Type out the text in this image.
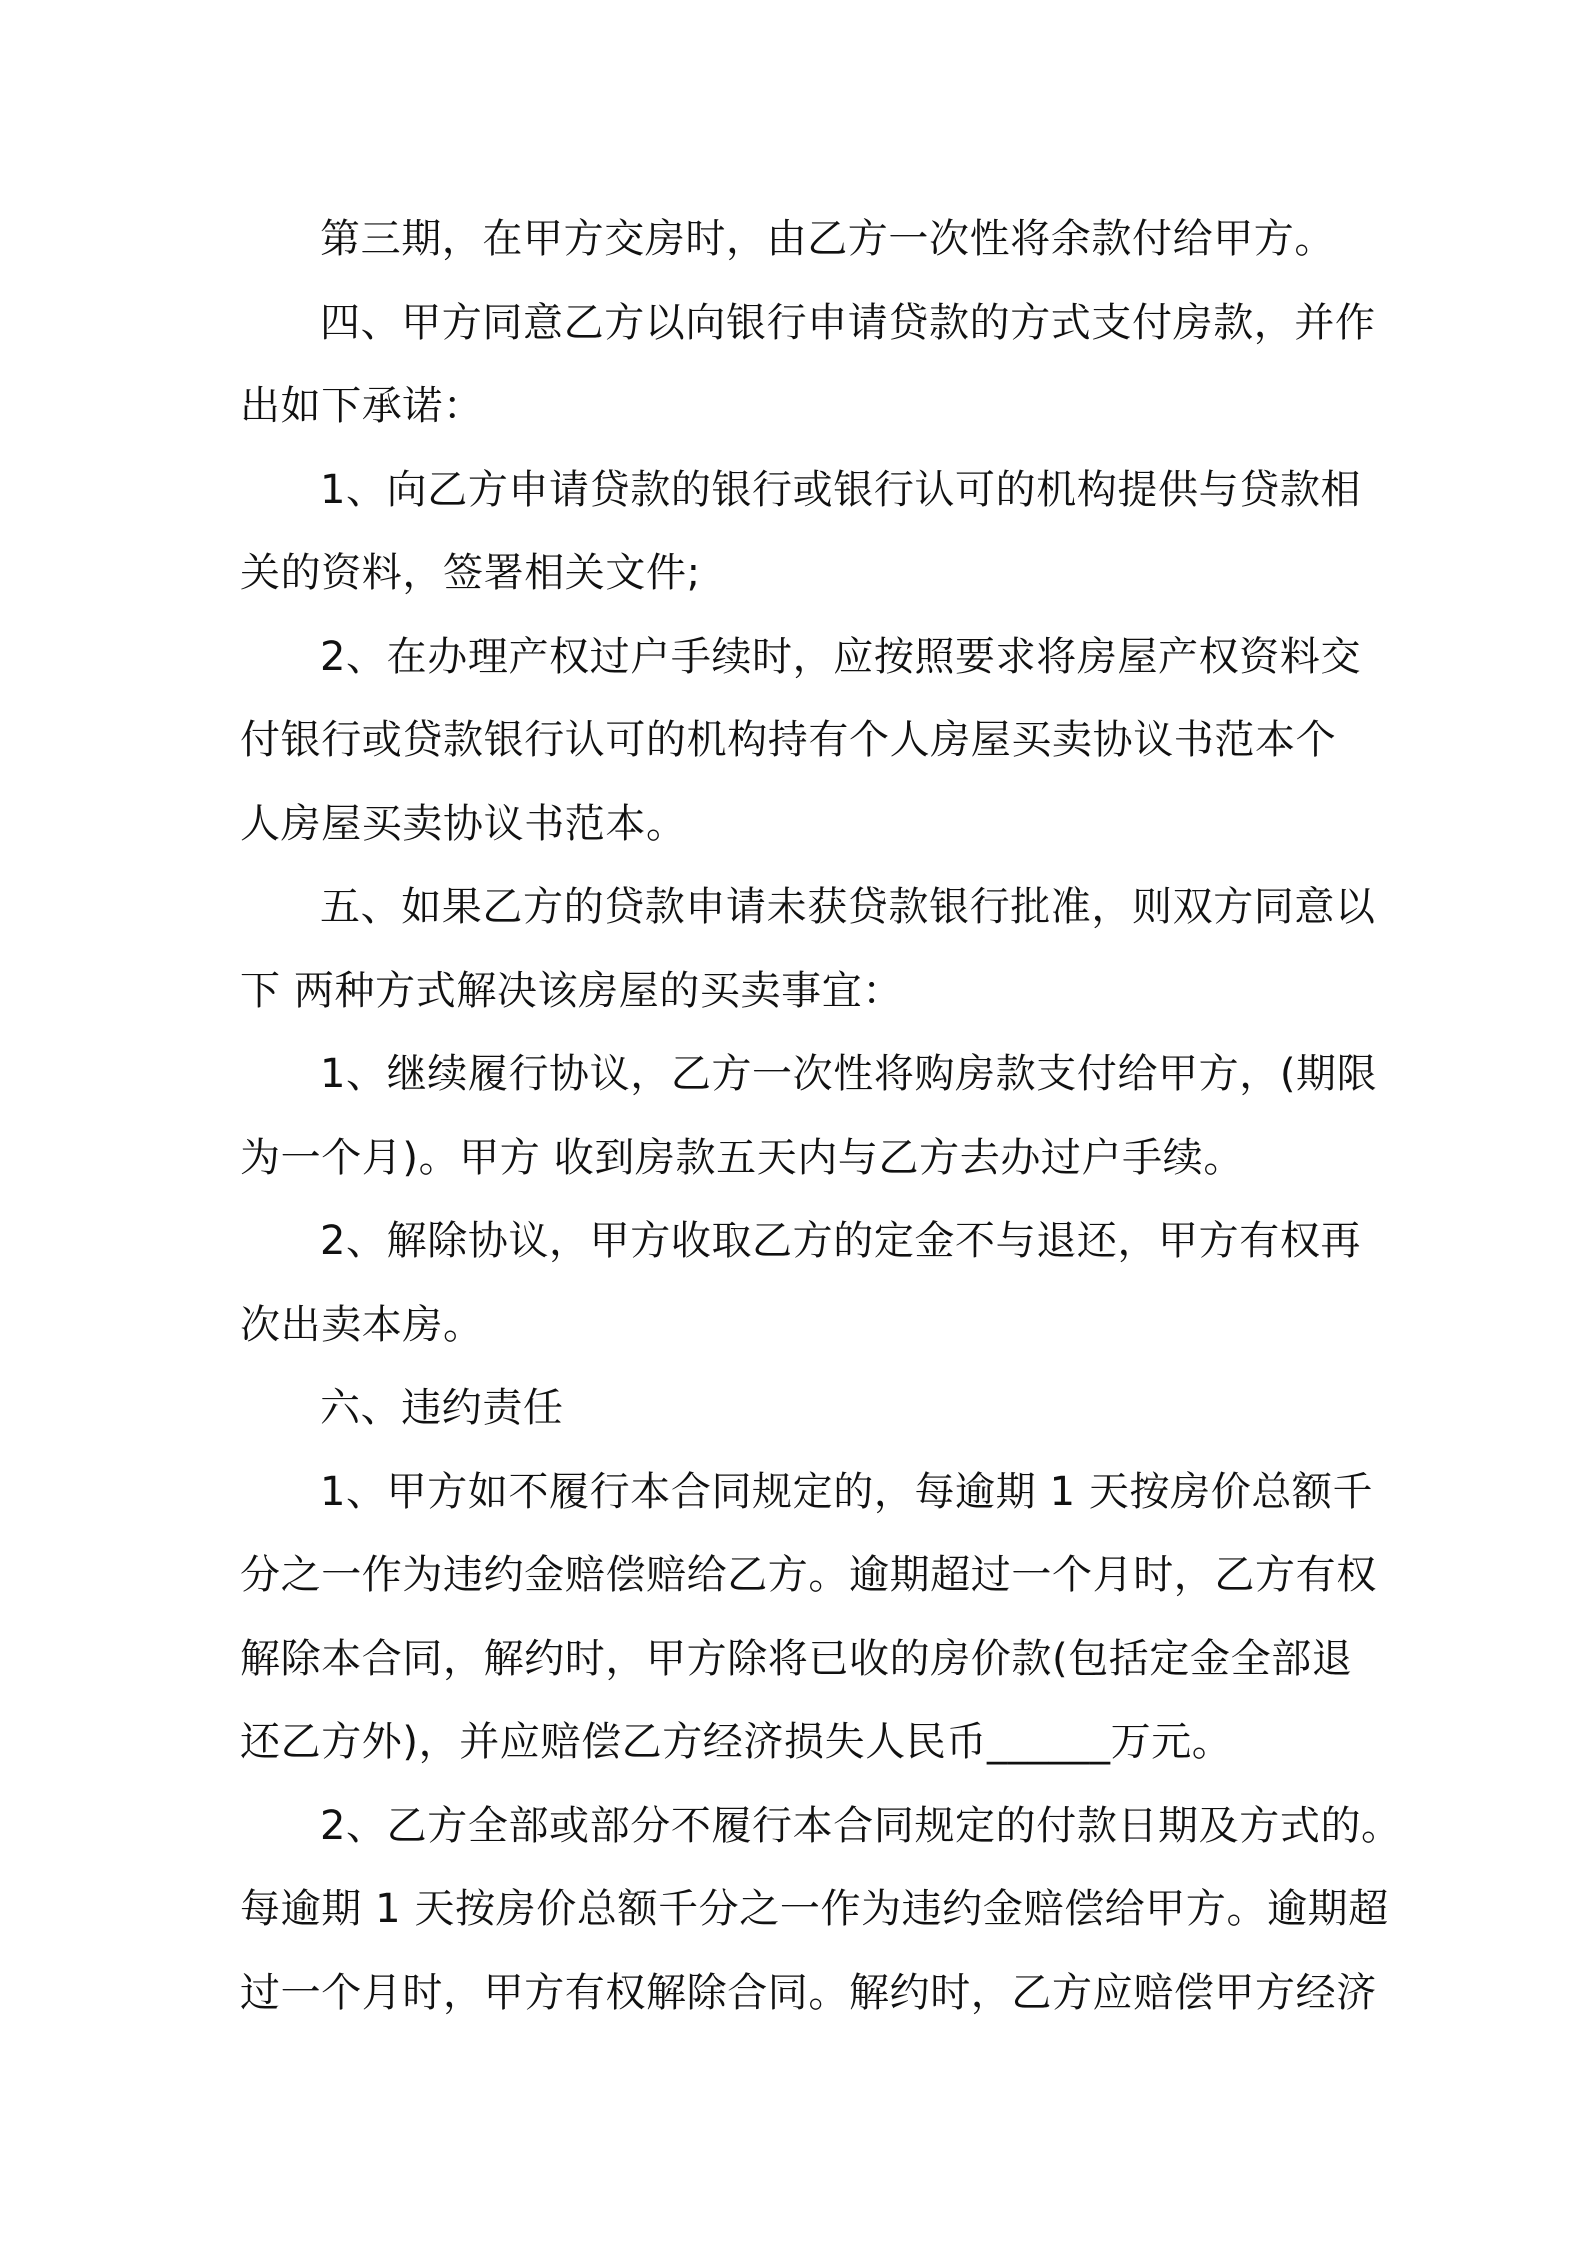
第三期，在甲方交房时，由乙方一次性将余款付给甲方。
四、甲方同意乙方以向银行申请贷款的方式支付房款，并作
出如下承诺：
1、向乙方申请贷款的银行或银行认可的机构提供与贷款相
关的资料，签署相关文件;
2、在办理产权过户手续时，应按照要求将房屋产权资料交
付银行或贷款银行认可的机构持有个人房屋买卖协议书范本个
人房屋买卖协议书范本。
五、如果乙方的贷款申请未获贷款银行批准，则双方同意以
下 两种方式解决该房屋的买卖事宜：
1、继续履行协议，乙方一次性将购房款支付给甲方，(期限
为一个月)。甲方 收到房款五天内与乙方去办过户手续。
2、解除协议，甲方收取乙方的定金不与退还，甲方有权再
次出卖本房。
六、违约责任
1、甲方如不履行本合同规定的，每逾期 1 天按房价总额千
分之一作为违约金赔偿赔给乙方。逾期超过一个月时，乙方有权
解除本合同，解约时，甲方除将已收的房价款(包括定金全部退
还乙方外)，并应赔偿乙方经济损失人民币______万元。
2、乙方全部或部分不履行本合同规定的付款日期及方式的。
每逾期 1 天按房价总额千分之一作为违约金赔偿给甲方。逾期超
过一个月时，甲方有权解除合同。解约时，乙方应赔偿甲方经济
